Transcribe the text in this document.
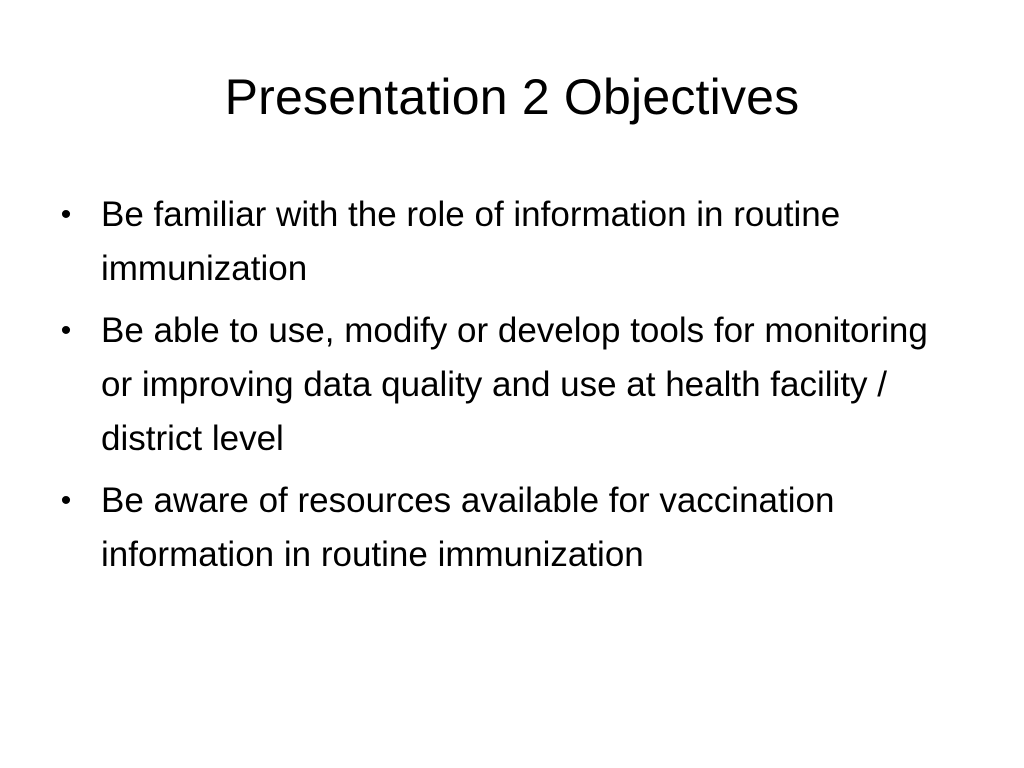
Presentation 2 Objectives
• Be familiar with the role of information in routine immunization
• Be able to use, modify or develop tools for monitoring or improving data quality and use at health facility / district level
• Be aware of resources available for vaccination information in routine immunization
